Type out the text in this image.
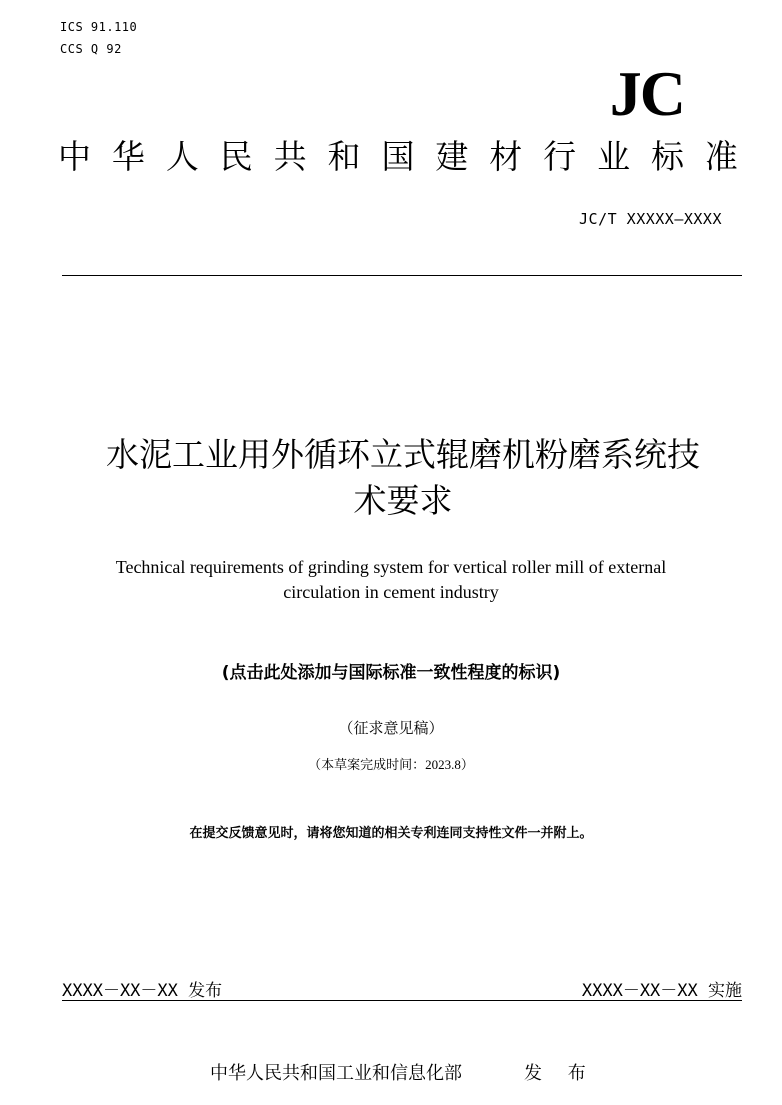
ICS 91.110
CCS Q 92
JC
中 华 人 民 共 和 国 建 材 行 业 标 准
JC/T XXXXX—XXXX
水泥工业用外循环立式辊磨机粉磨系统技
术要求
Technical requirements of grinding system for vertical roller mill of external
circulation in cement industry
(点击此处添加与国际标准一致性程度的标识)
（征求意见稿）
（本草案完成时间：2023.8）
在提交反馈意见时，请将您知道的相关专利连同支持性文件一并附上。
XXXX－XX－XX 发布	XXXX－XX－XX 实施
中华人民共和国工业和信息化部	发 布
